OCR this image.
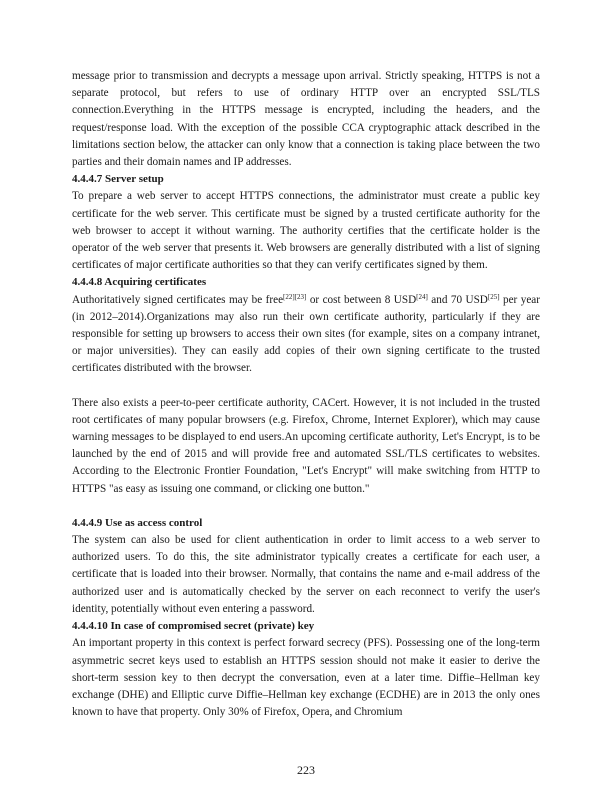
message prior to transmission and decrypts a message upon arrival. Strictly speaking, HTTPS is not a separate protocol, but refers to use of ordinary HTTP over an encrypted SSL/TLS connection.Everything in the HTTPS message is encrypted, including the headers, and the request/response load. With the exception of the possible CCA cryptographic attack described in the limitations section below, the attacker can only know that a connection is taking place between the two parties and their domain names and IP addresses.

4.4.4.7 Server setup

To prepare a web server to accept HTTPS connections, the administrator must create a public key certificate for the web server. This certificate must be signed by a trusted certificate authority for the web browser to accept it without warning. The authority certifies that the certificate holder is the operator of the web server that presents it. Web browsers are generally distributed with a list of signing certificates of major certificate authorities so that they can verify certificates signed by them.

4.4.4.8 Acquiring certificates

Authoritatively signed certificates may be free[22][23] or cost between 8 USD[24] and 70 USD[25] per year (in 2012–2014).Organizations may also run their own certificate authority, particularly if they are responsible for setting up browsers to access their own sites (for example, sites on a company intranet, or major universities). They can easily add copies of their own signing certificate to the trusted certificates distributed with the browser.

There also exists a peer-to-peer certificate authority, CACert. However, it is not included in the trusted root certificates of many popular browsers (e.g. Firefox, Chrome, Internet Explorer), which may cause warning messages to be displayed to end users.An upcoming certificate authority, Let's Encrypt, is to be launched by the end of 2015 and will provide free and automated SSL/TLS certificates to websites. According to the Electronic Frontier Foundation, "Let's Encrypt" will make switching from HTTP to HTTPS "as easy as issuing one command, or clicking one button."

4.4.4.9 Use as access control

The system can also be used for client authentication in order to limit access to a web server to authorized users. To do this, the site administrator typically creates a certificate for each user, a certificate that is loaded into their browser. Normally, that contains the name and e-mail address of the authorized user and is automatically checked by the server on each reconnect to verify the user's identity, potentially without even entering a password.

4.4.4.10 In case of compromised secret (private) key

An important property in this context is perfect forward secrecy (PFS). Possessing one of the long-term asymmetric secret keys used to establish an HTTPS session should not make it easier to derive the short-term session key to then decrypt the conversation, even at a later time. Diffie–Hellman key exchange (DHE) and Elliptic curve Diffie–Hellman key exchange (ECDHE) are in 2013 the only ones known to have that property. Only 30% of Firefox, Opera, and Chromium

223
